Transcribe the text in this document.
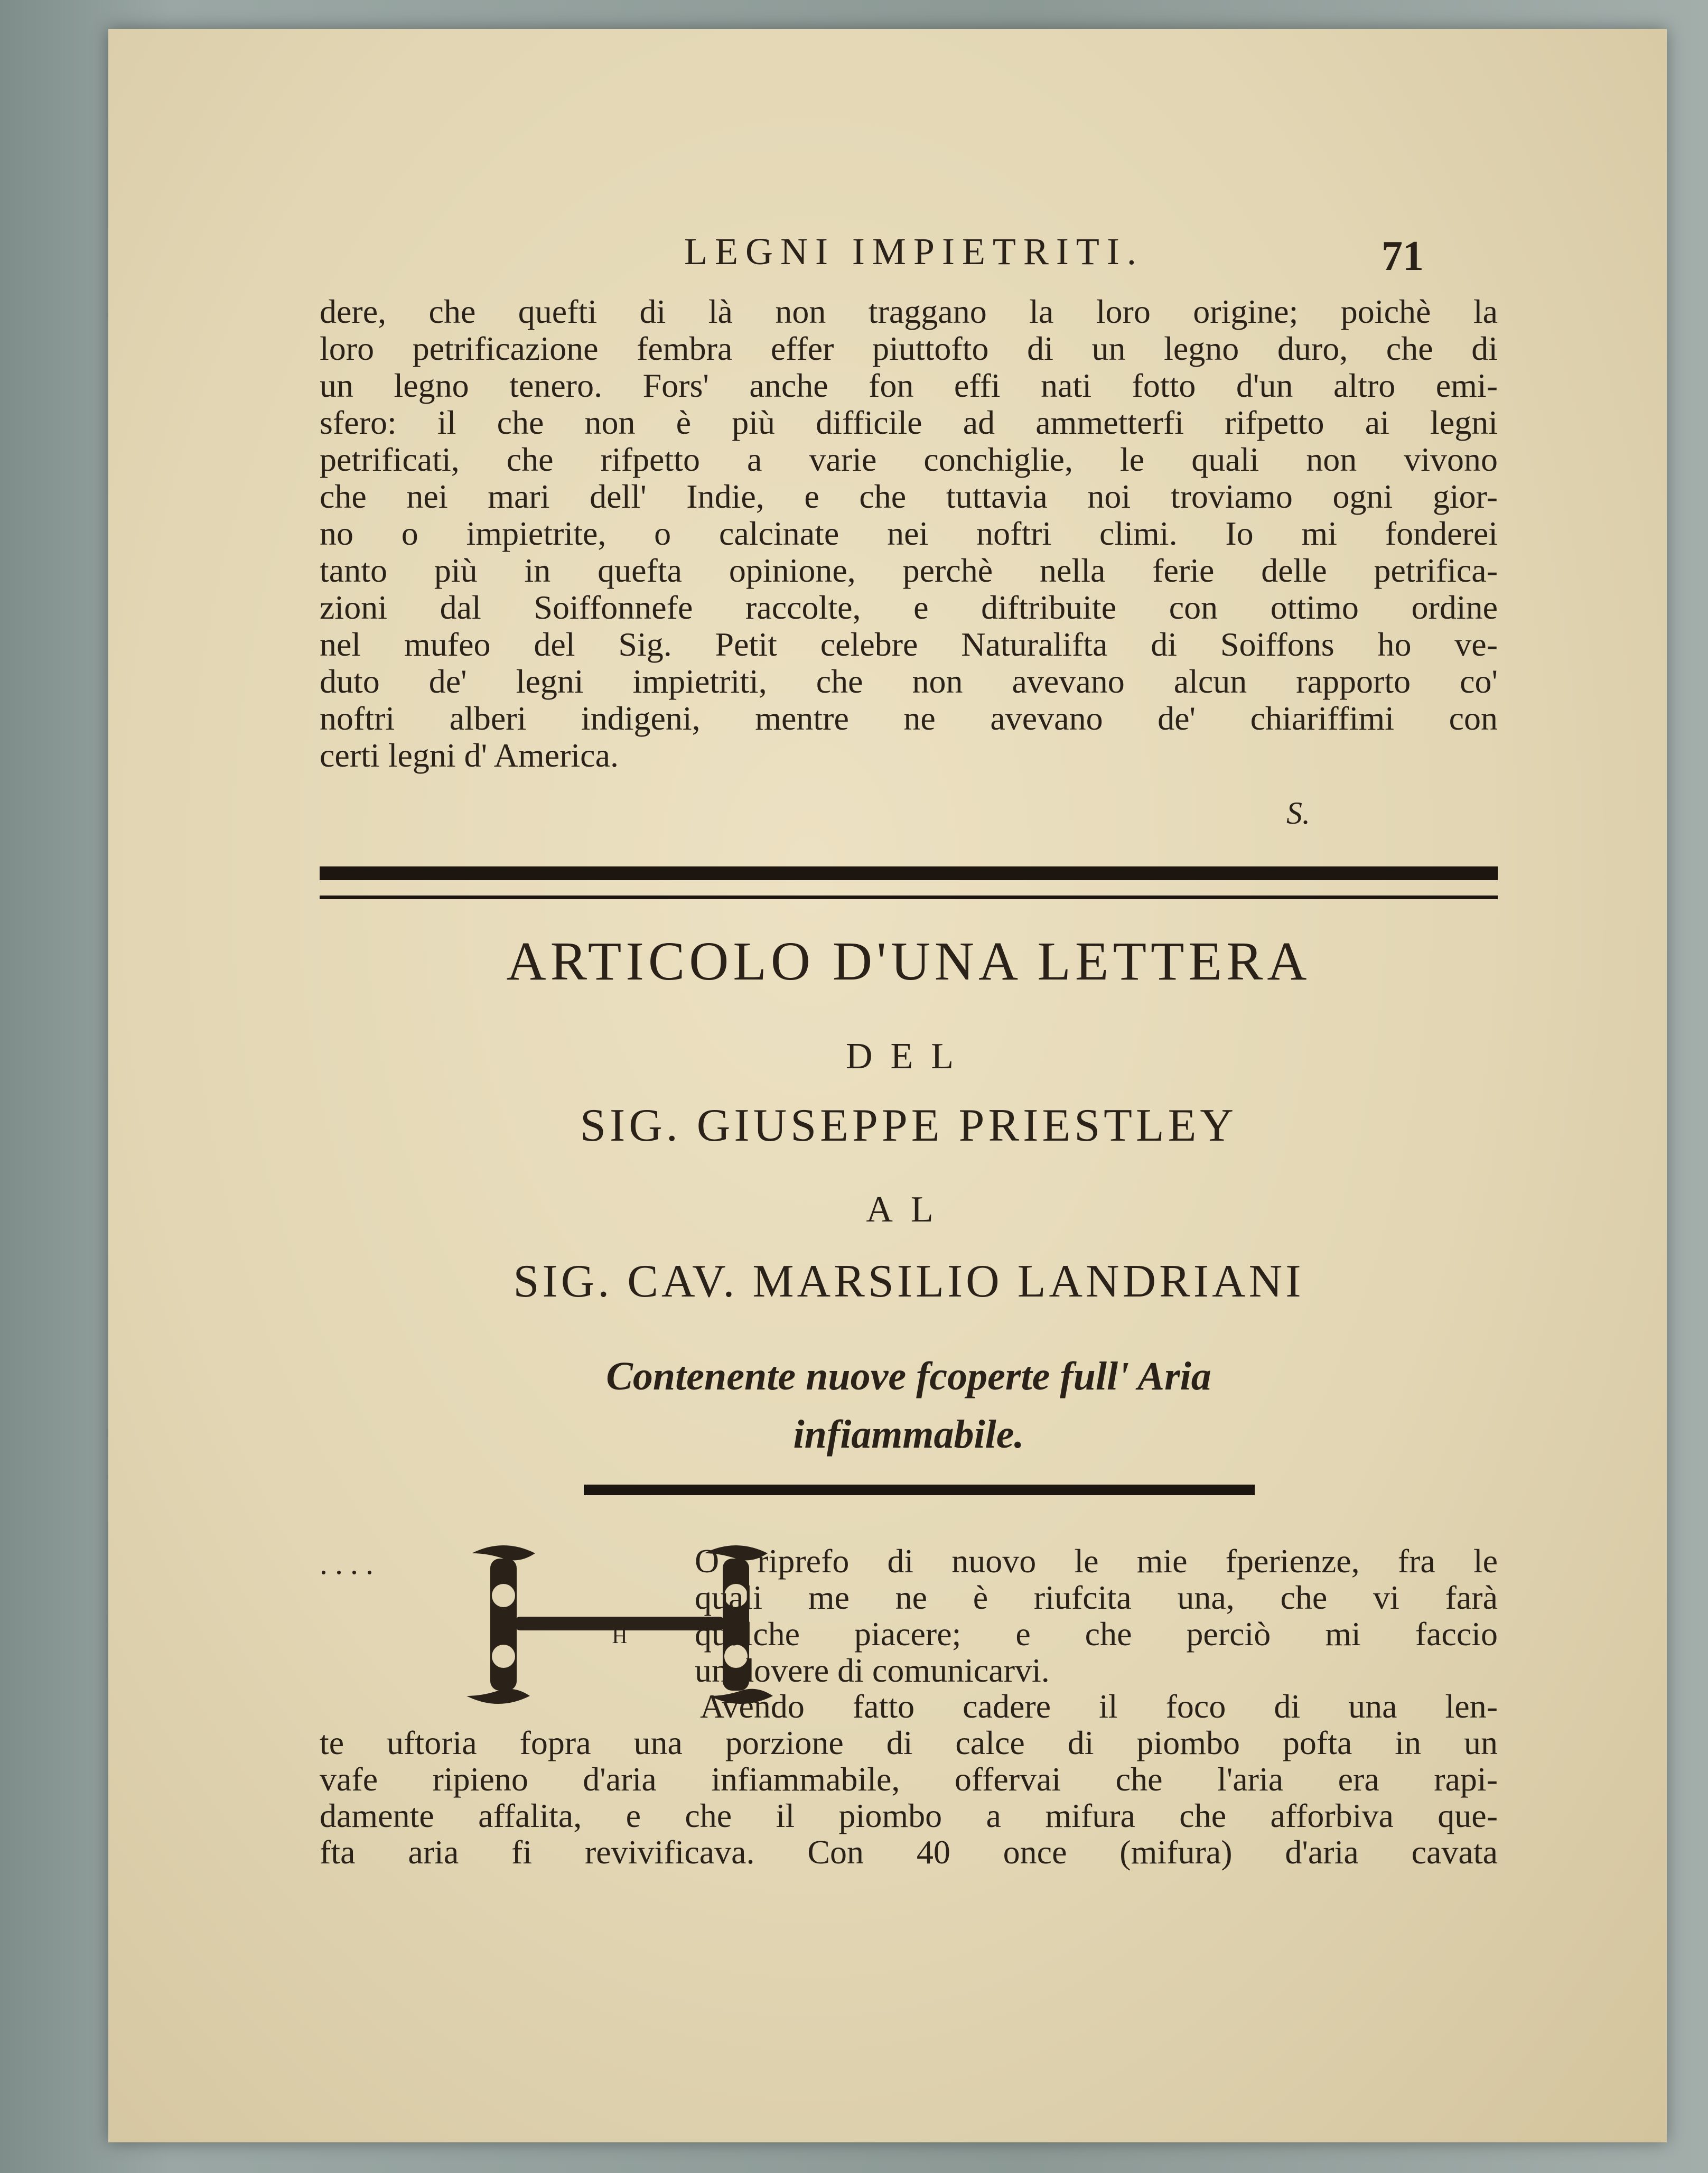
LEGNI IMPIETRITI.	71
dere, che quefti di là non traggano la loro origine; poichè la
loro petrificazione fembra effer piuttofto di un legno duro, che di
un legno tenero. Fors' anche fon effi nati fotto d'un altro emi-
sfero: il che non è più difficile ad ammetterfi rifpetto ai legni
petrificati, che rifpetto a varie conchiglie, le quali non vivono
che nei mari dell' Indie, e che tuttavia noi troviamo ogni gior-
no o impietrite, o calcinate nei noftri climi. Io mi fonderei
tanto più in quefta opinione, perchè nella ferie delle petrifica-
zioni dal Soiffonnefe raccolte, e diftribuite con ottimo ordine
nel mufeo del Sig. Petit celebre Naturalifta di Soiffons ho ve-
duto de' legni impietriti, che non avevano alcun rapporto co'
noftri alberi indigeni, mentre ne avevano de' chiariffimi con
certi legni d' America.
S.
ARTICOLO D'UNA LETTERA
DEL
SIG. GIUSEPPE PRIESTLEY
AL
SIG. CAV. MARSILIO LANDRIANI
Contenente nuove fcoperte full' Aria
infiammabile.
....
H
O riprefo di nuovo le mie fperienze, fra le
quali me ne è riufcita una, che vi farà
qualche piacere; e che perciò mi faccio
un dovere di comunicarvi.
Avendo fatto cadere il foco di una len-
te uftoria fopra una porzione di calce di piombo pofta in un
vafe ripieno d'aria infiammabile, offervai che l'aria era rapi-
damente affalita, e che il piombo a mifura che afforbiva que-
fta aria fi revivificava. Con 40 once (mifura) d'aria cavata
